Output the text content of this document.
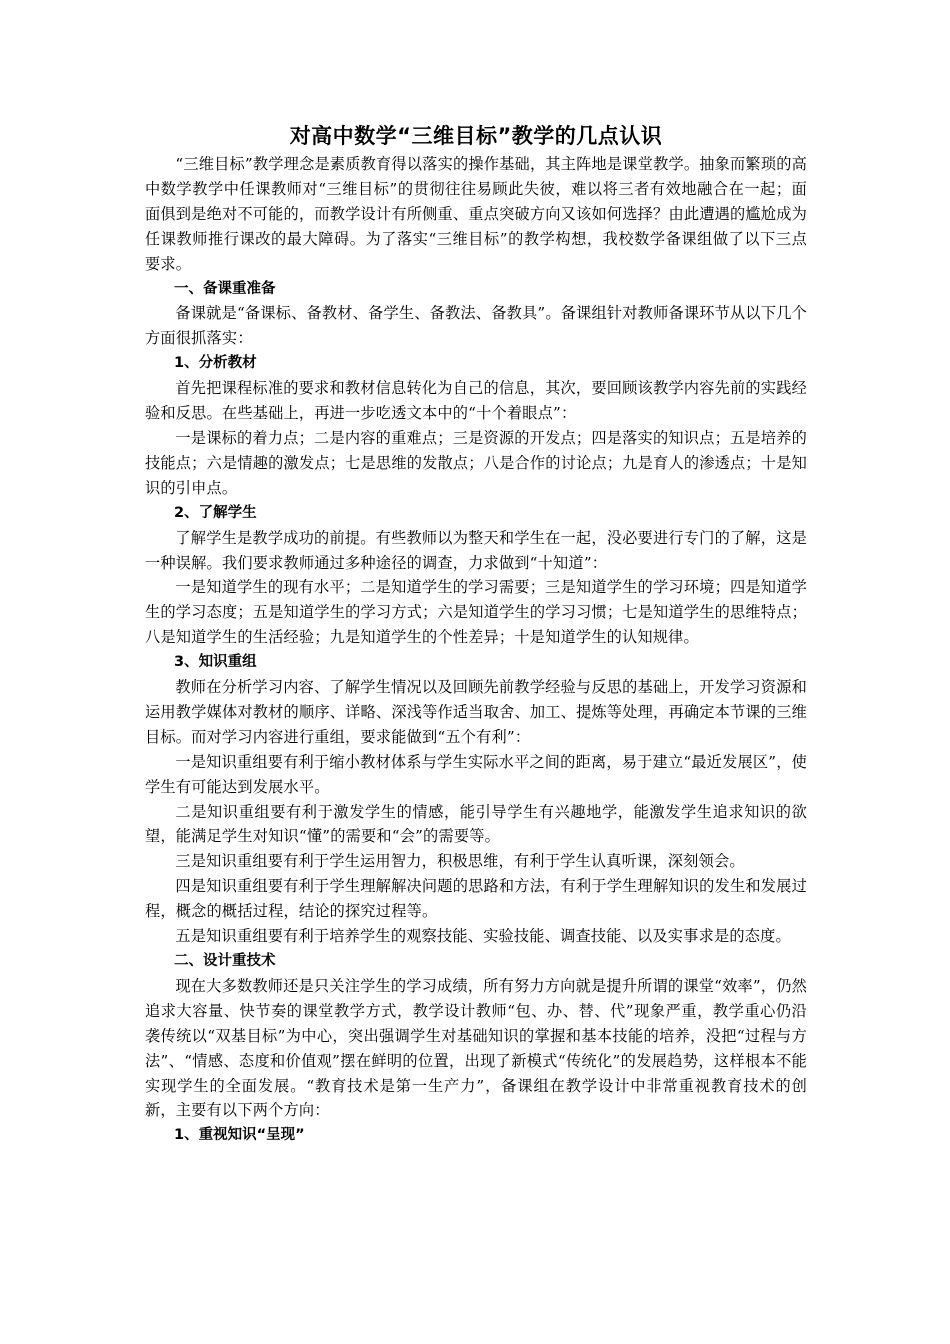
对高中数学“三维目标”教学的几点认识
“三维目标”教学理念是素质教育得以落实的操作基础，其主阵地是课堂教学。抽象而繁琐的高中数学教学中任课教师对“三维目标”的贯彻往往易顾此失彼，难以将三者有效地融合在一起；面面俱到是绝对不可能的，而教学设计有所侧重、重点突破方向又该如何选择？由此遭遇的尴尬成为任课教师推行课改的最大障碍。为了落实“三维目标”的教学构想，我校数学备课组做了以下三点要求。
一、备课重准备
备课就是“备课标、备教材、备学生、备教法、备教具”。备课组针对教师备课环节从以下几个方面很抓落实：
1、分析教材
首先把课程标准的要求和教材信息转化为自己的信息，其次，要回顾该教学内容先前的实践经验和反思。在些基础上，再进一步吃透文本中的“十个着眼点”：
一是课标的着力点；二是内容的重难点；三是资源的开发点；四是落实的知识点；五是培养的技能点；六是情趣的激发点；七是思维的发散点；八是合作的讨论点；九是育人的渗透点；十是知识的引申点。
2、了解学生
了解学生是教学成功的前提。有些教师以为整天和学生在一起，没必要进行专门的了解，这是一种误解。我们要求教师通过多种途径的调查，力求做到“十知道”：
一是知道学生的现有水平；二是知道学生的学习需要；三是知道学生的学习环境；四是知道学生的学习态度；五是知道学生的学习方式；六是知道学生的学习习惯；七是知道学生的思维特点；八是知道学生的生活经验；九是知道学生的个性差异；十是知道学生的认知规律。
3、知识重组
教师在分析学习内容、了解学生情况以及回顾先前教学经验与反思的基础上，开发学习资源和运用教学媒体对教材的顺序、详略、深浅等作适当取舍、加工、提炼等处理，再确定本节课的三维目标。而对学习内容进行重组，要求能做到“五个有利”：
一是知识重组要有利于缩小教材体系与学生实际水平之间的距离，易于建立“最近发展区”，使学生有可能达到发展水平。
二是知识重组要有利于激发学生的情感，能引导学生有兴趣地学，能激发学生追求知识的欲望，能满足学生对知识“懂”的需要和“会”的需要等。
三是知识重组要有利于学生运用智力，积极思维，有利于学生认真听课，深刻领会。
四是知识重组要有利于学生理解解决问题的思路和方法，有利于学生理解知识的发生和发展过程，概念的概括过程，结论的探究过程等。
五是知识重组要有利于培养学生的观察技能、实验技能、调查技能、以及实事求是的态度。
二、设计重技术
现在大多数教师还是只关注学生的学习成绩，所有努力方向就是提升所谓的课堂“效率”，仍然追求大容量、快节奏的课堂教学方式，教学设计教师“包、办、替、代”现象严重，教学重心仍沿袭传统以“双基目标”为中心，突出强调学生对基础知识的掌握和基本技能的培养，没把“过程与方法”、“情感、态度和价值观”摆在鲜明的位置，出现了新模式“传统化”的发展趋势，这样根本不能实现学生的全面发展。“教育技术是第一生产力”，备课组在教学设计中非常重视教育技术的创新，主要有以下两个方向：
1、重视知识“呈现”
